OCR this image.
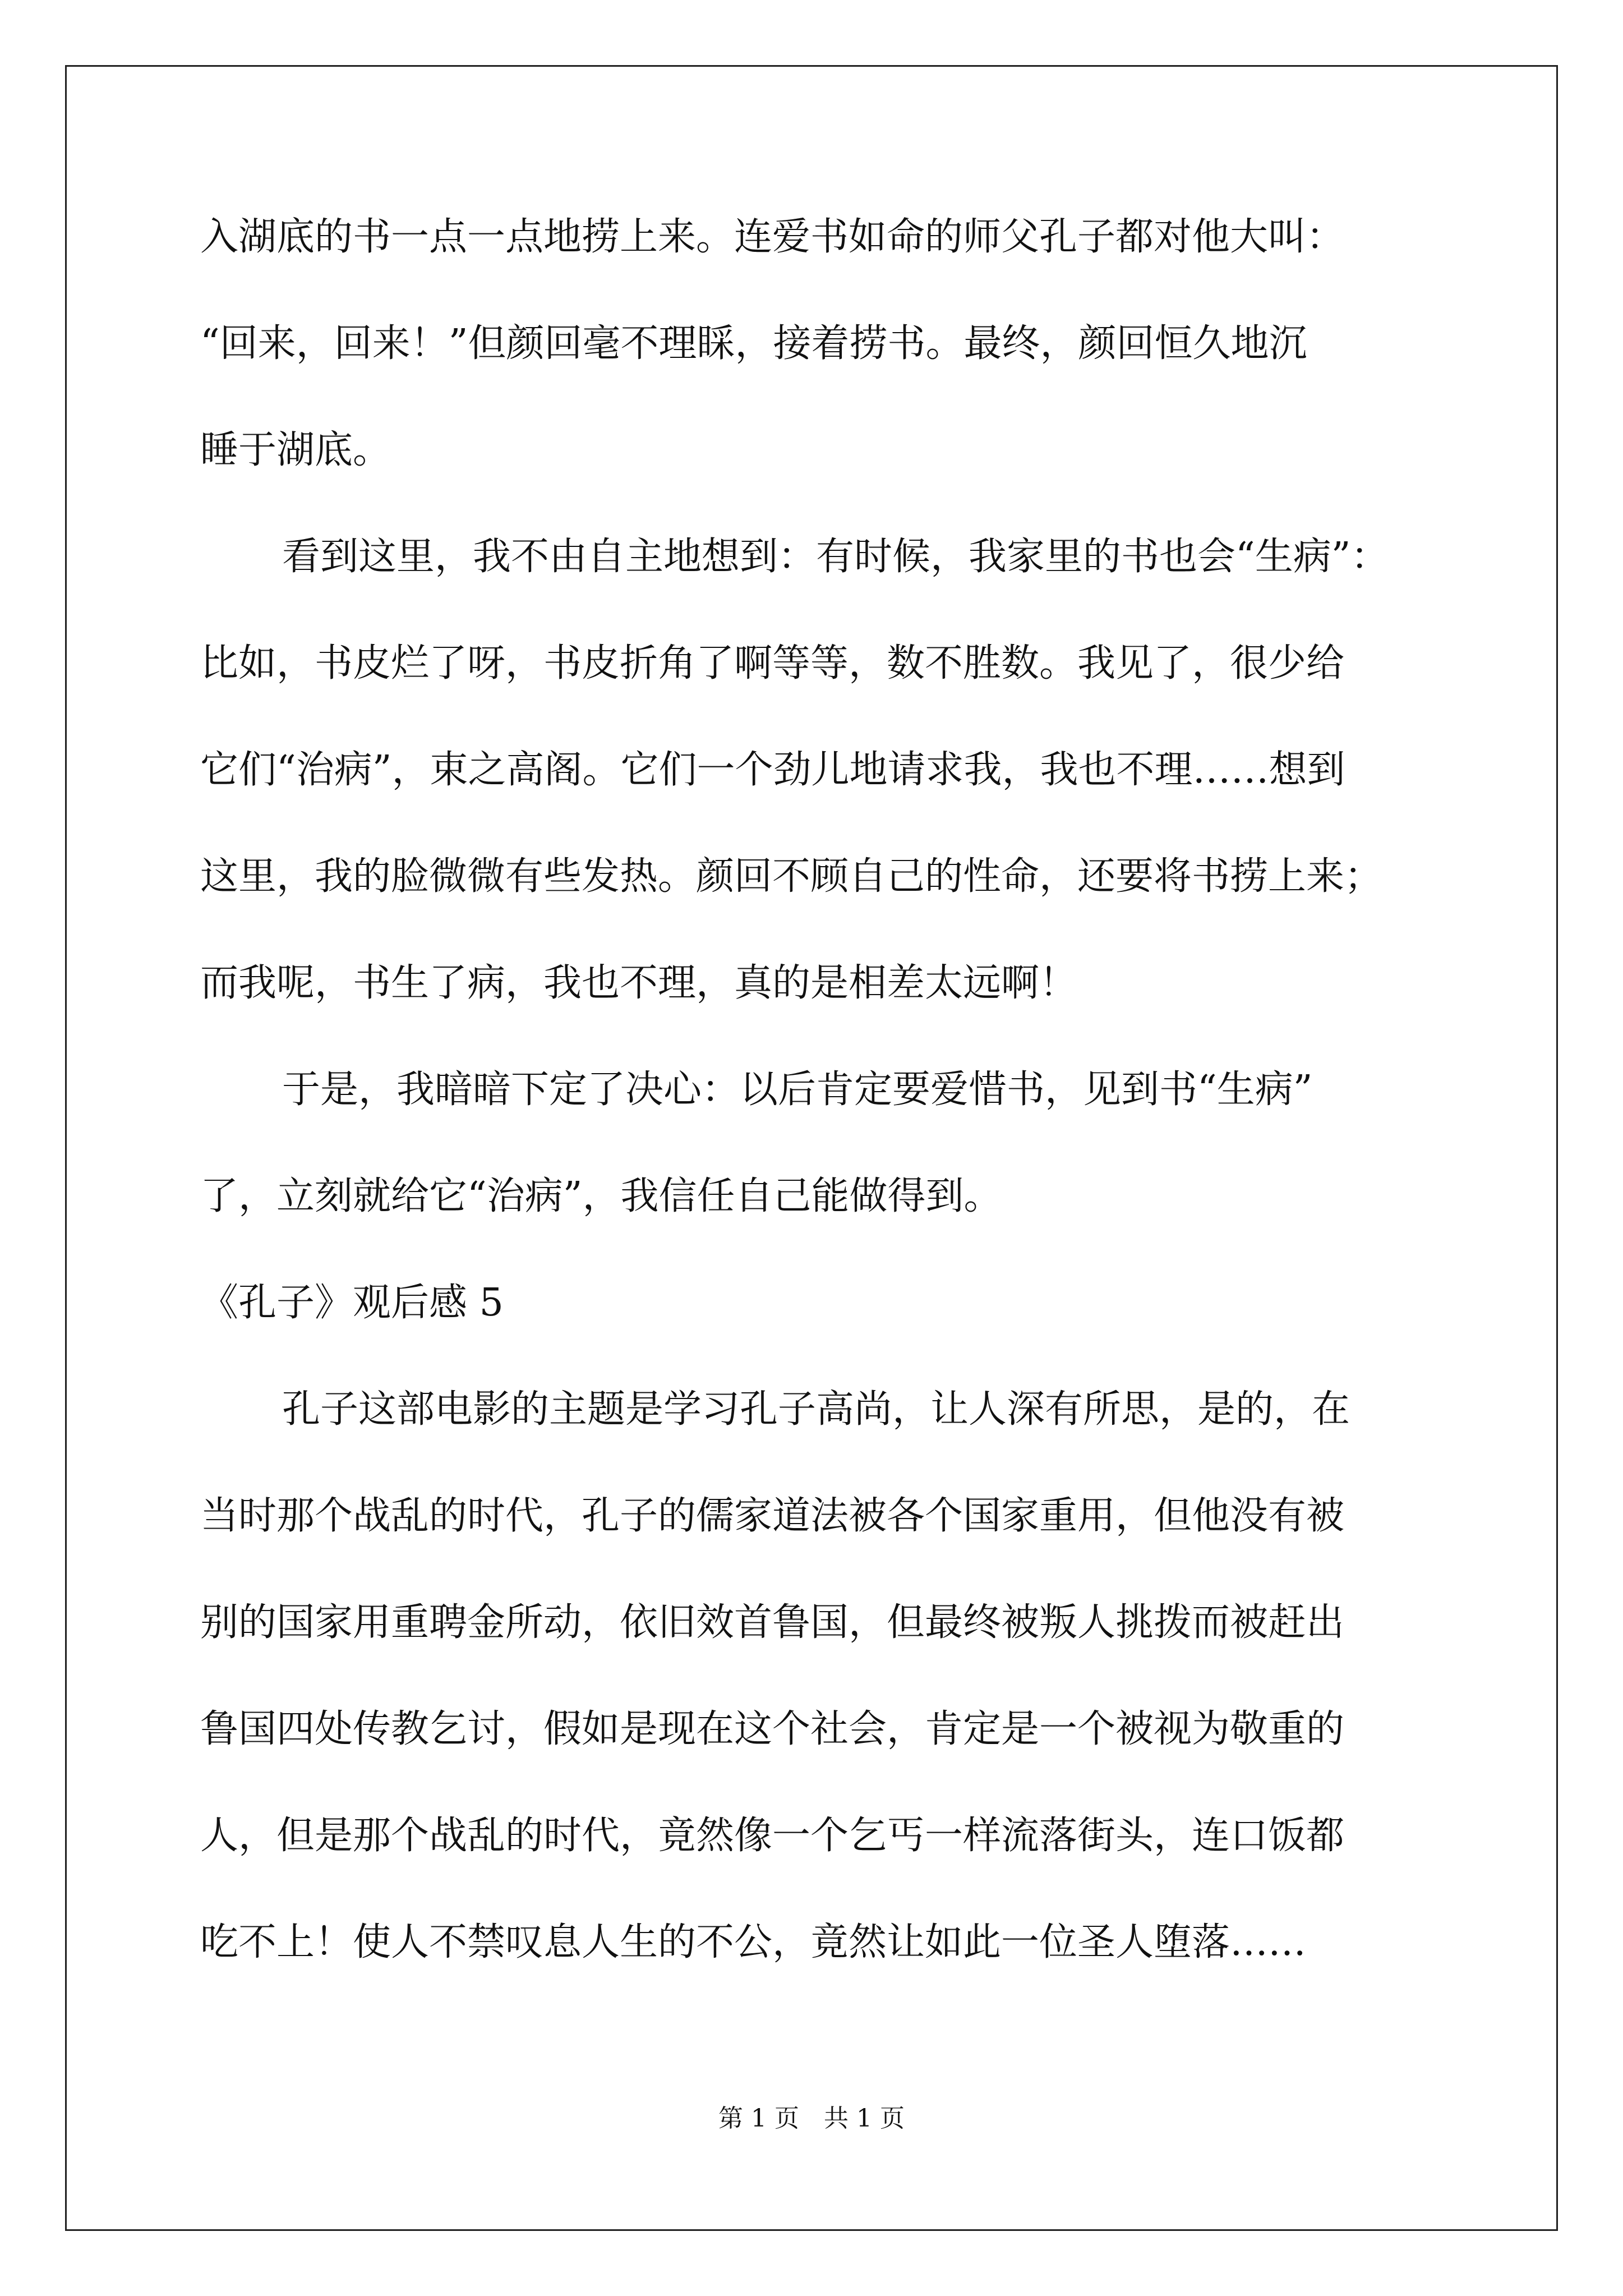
入湖底的书一点一点地捞上来。连爱书如命的师父孔子都对他大叫：
“回来，回来！”但颜回毫不理睬，接着捞书。最终，颜回恒久地沉
睡于湖底。
看到这里，我不由自主地想到：有时候，我家里的书也会“生病”：
比如，书皮烂了呀，书皮折角了啊等等，数不胜数。我见了，很少给
它们“治病”，束之高阁。它们一个劲儿地请求我，我也不理……想到
这里，我的脸微微有些发热。颜回不顾自己的性命，还要将书捞上来；
而我呢，书生了病，我也不理，真的是相差太远啊！
于是，我暗暗下定了决心：以后肯定要爱惜书，见到书“生病”
了，立刻就给它“治病”，我信任自己能做得到。
《孔子》观后感 5
孔子这部电影的主题是学习孔子高尚，让人深有所思，是的，在
当时那个战乱的时代，孔子的儒家道法被各个国家重用，但他没有被
别的国家用重聘金所动，依旧效首鲁国，但最终被叛人挑拨而被赶出
鲁国四处传教乞讨，假如是现在这个社会，肯定是一个被视为敬重的
人，但是那个战乱的时代，竟然像一个乞丐一样流落街头，连口饭都
吃不上！使人不禁叹息人生的不公，竟然让如此一位圣人堕落……
第 1 页　共 1 页
